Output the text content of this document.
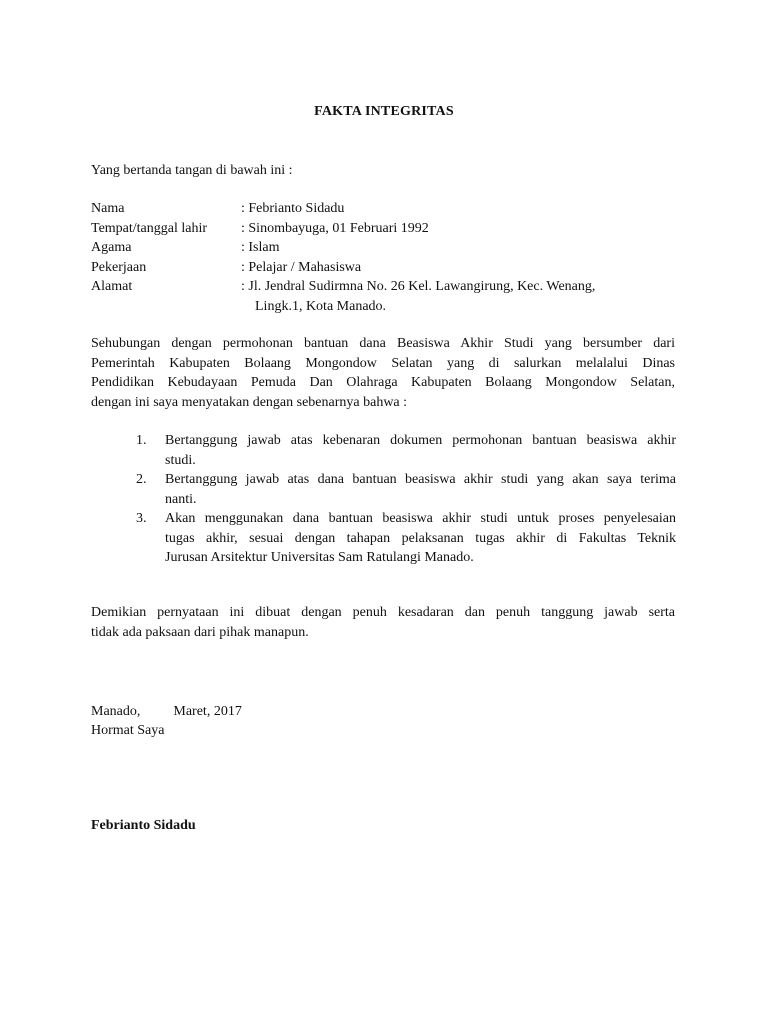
FAKTA INTEGRITAS
Yang bertanda tangan di bawah ini :
Nama	: Febrianto Sidadu
Tempat/tanggal lahir	: Sinombayuga, 01 Februari 1992
Agama	: Islam
Pekerjaan	: Pelajar / Mahasiswa
Alamat	: Jl. Jendral Sudirmna No. 26 Kel. Lawangirung, Kec. Wenang,
Lingk.1, Kota Manado.
Sehubungan dengan permohonan bantuan dana Beasiswa Akhir Studi yang bersumber dari
Pemerintah Kabupaten Bolaang Mongondow Selatan yang di salurkan melalalui Dinas
Pendidikan Kebudayaan Pemuda Dan Olahraga Kabupaten Bolaang Mongondow Selatan,
dengan ini saya menyatakan dengan sebenarnya bahwa :
1.	Bertanggung jawab atas kebenaran dokumen permohonan bantuan beasiswa akhir
studi.
2.	Bertanggung jawab atas dana bantuan beasiswa akhir studi yang akan saya terima
nanti.
3.	Akan menggunakan dana bantuan beasiswa akhir studi untuk proses penyelesaian
tugas akhir, sesuai dengan tahapan pelaksanan tugas akhir di Fakultas Teknik
Jurusan Arsitektur Universitas Sam Ratulangi Manado.
Demikian pernyataan ini dibuat dengan penuh kesadaran dan penuh tanggung jawab serta
tidak ada paksaan dari pihak manapun.
Manado, Maret, 2017
Hormat Saya
Febrianto Sidadu
